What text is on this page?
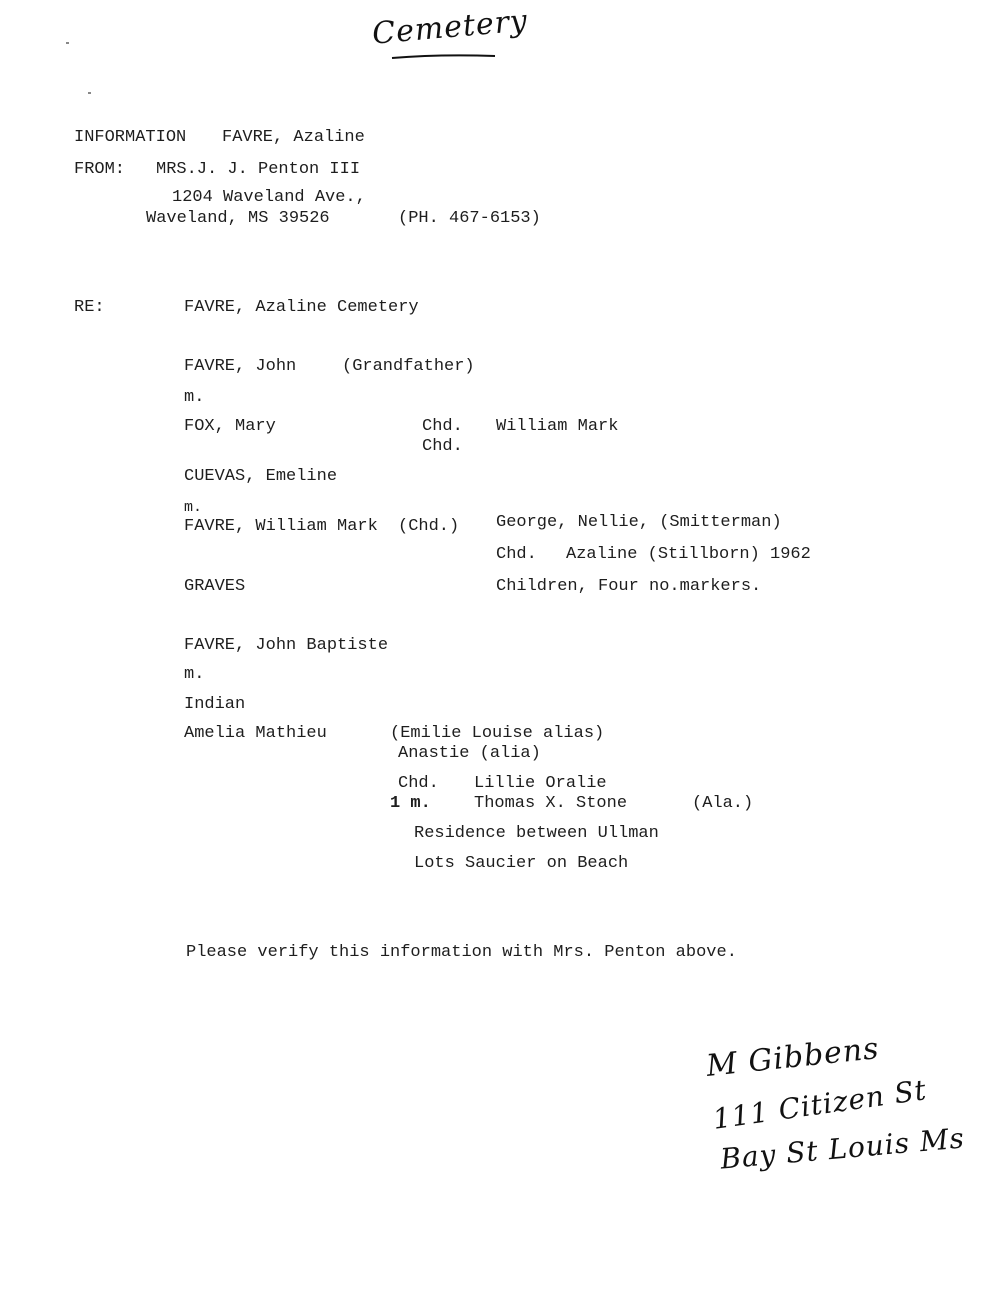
Cemetery
INFORMATION FAVRE, Azaline
FROM: MRS.J. J. Penton III
1204 Waveland Ave.,
Waveland, MS 39526	(PH. 467-6153)
RE:	FAVRE, Azaline Cemetery
FAVRE, John	(Grandfather)
m.
FOX, Mary	Chd. William Mark
Chd.
CUEVAS, Emeline
m.
FAVRE, William Mark (Chd.) George, Nellie, (Smitterman)
Chd. Azaline (Stillborn) 1962
GRAVES	Children, Four no.markers.
FAVRE, John Baptiste
m.
Indian
Amelia Mathieu	(Emilie Louise alias)
Anastie (alia)
Chd. Lillie Oralie
1 m.	Thomas X. Stone	(Ala.)
Residence between Ullman
Lots Saucier on Beach
Please verify this information with Mrs. Penton above.
M Gibbens
111 Citizen St
Bay St Louis Ms
